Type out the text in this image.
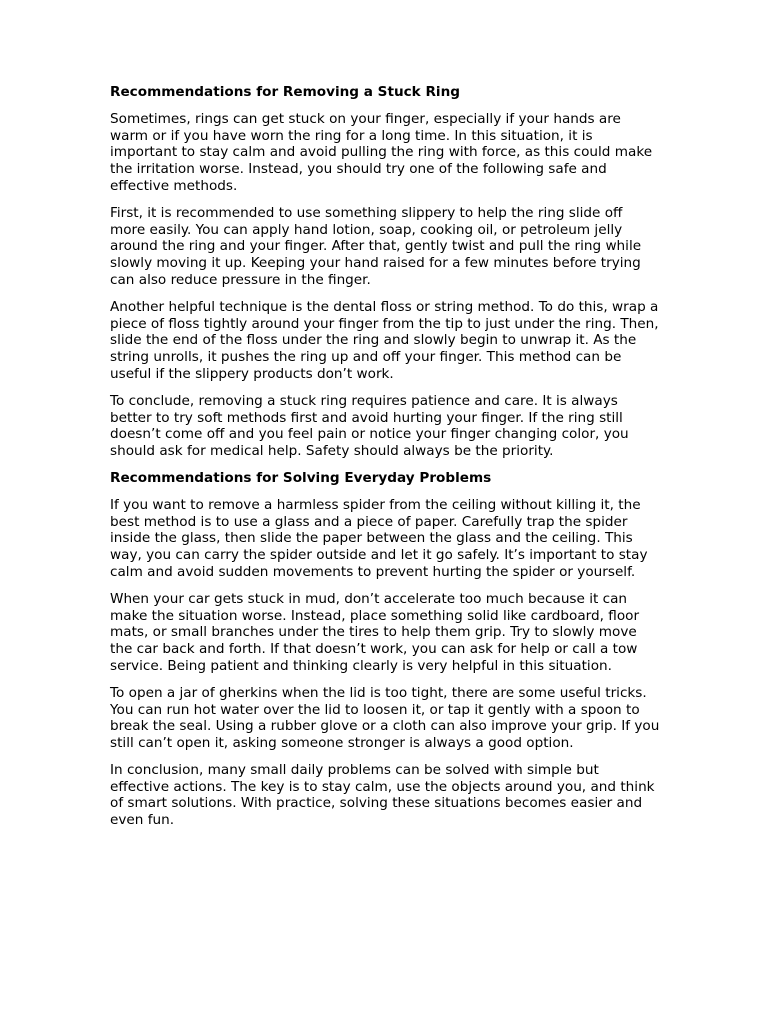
Recommendations for Removing a Stuck Ring

Sometimes, rings can get stuck on your finger, especially if your hands are warm or if you have worn the ring for a long time. In this situation, it is important to stay calm and avoid pulling the ring with force, as this could make the irritation worse. Instead, you should try one of the following safe and effective methods.

First, it is recommended to use something slippery to help the ring slide off more easily. You can apply hand lotion, soap, cooking oil, or petroleum jelly around the ring and your finger. After that, gently twist and pull the ring while slowly moving it up. Keeping your hand raised for a few minutes before trying can also reduce pressure in the finger.

Another helpful technique is the dental floss or string method. To do this, wrap a piece of floss tightly around your finger from the tip to just under the ring. Then, slide the end of the floss under the ring and slowly begin to unwrap it. As the string unrolls, it pushes the ring up and off your finger. This method can be useful if the slippery products don’t work.

To conclude, removing a stuck ring requires patience and care. It is always better to try soft methods first and avoid hurting your finger. If the ring still doesn’t come off and you feel pain or notice your finger changing color, you should ask for medical help. Safety should always be the priority.

Recommendations for Solving Everyday Problems

If you want to remove a harmless spider from the ceiling without killing it, the best method is to use a glass and a piece of paper. Carefully trap the spider inside the glass, then slide the paper between the glass and the ceiling. This way, you can carry the spider outside and let it go safely. It’s important to stay calm and avoid sudden movements to prevent hurting the spider or yourself.

When your car gets stuck in mud, don’t accelerate too much because it can make the situation worse. Instead, place something solid like cardboard, floor mats, or small branches under the tires to help them grip. Try to slowly move the car back and forth. If that doesn’t work, you can ask for help or call a tow service. Being patient and thinking clearly is very helpful in this situation.

To open a jar of gherkins when the lid is too tight, there are some useful tricks. You can run hot water over the lid to loosen it, or tap it gently with a spoon to break the seal. Using a rubber glove or a cloth can also improve your grip. If you still can’t open it, asking someone stronger is always a good option.

In conclusion, many small daily problems can be solved with simple but effective actions. The key is to stay calm, use the objects around you, and think of smart solutions. With practice, solving these situations becomes easier and even fun.
